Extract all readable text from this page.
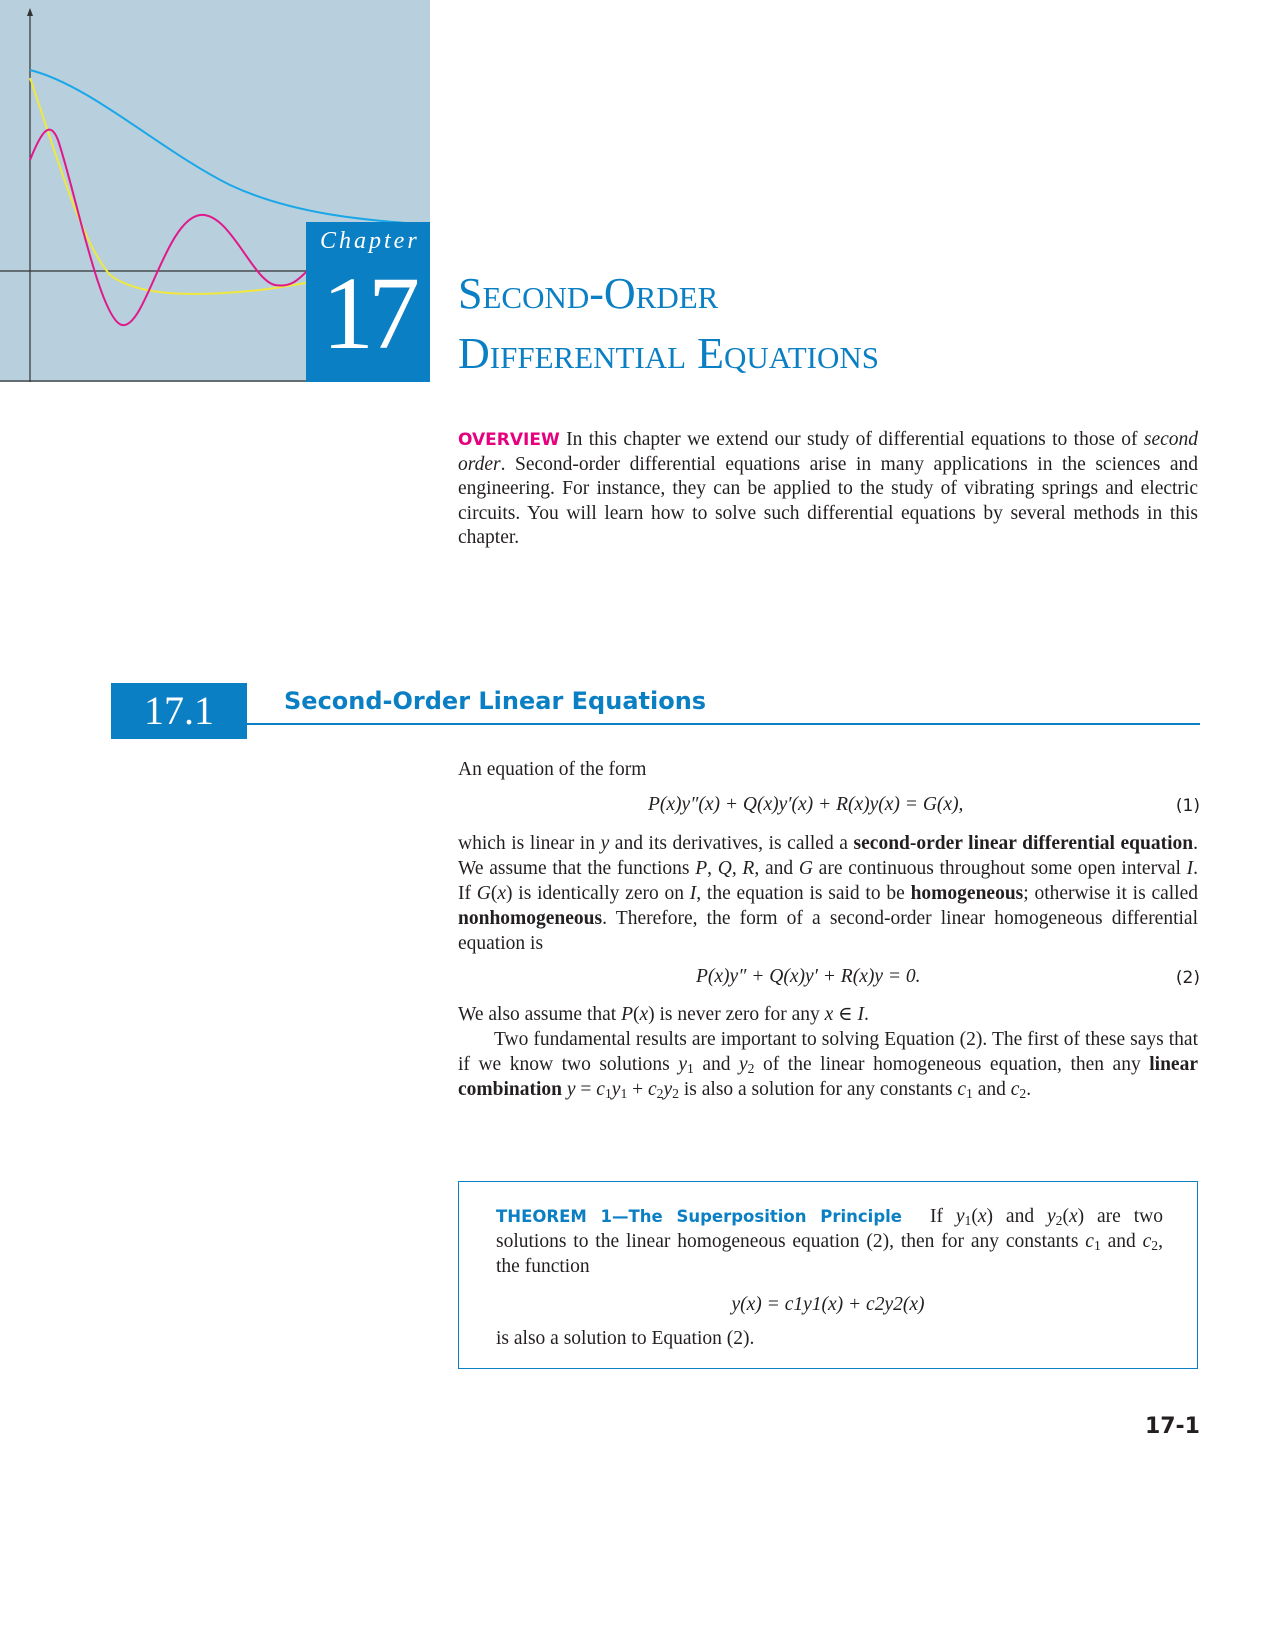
Chapter
17 Second-Order
Differential Equations
OVERVIEW In this chapter we extend our study of differential equations to those of second order. Second-order differential equations arise in many applications in the sciences and engineering. For instance, they can be applied to the study of vibrating springs and electric circuits. You will learn how to solve such differential equations by several methods in this chapter.
17.1	Second-Order Linear Equations
An equation of the form
P(x)y″(x) + Q(x)y′(x) + R(x)y(x) = G(x),	(1)
which is linear in y and its derivatives, is called a second-order linear differential equation. We assume that the functions P, Q, R, and G are continuous throughout some open interval I. If G(x) is identically zero on I, the equation is said to be homogeneous; otherwise it is called nonhomogeneous. Therefore, the form of a second-order linear homogeneous differential equation is
P(x)y″ + Q(x)y′ + R(x)y = 0.	(2)
We also assume that P(x) is never zero for any x ∈ I.
Two fundamental results are important to solving Equation (2). The first of these says that if we know two solutions $y_1$ and $y_2$ of the linear homogeneous equation, then any linear combination $y = c_1y_1 + c_2y_2$ is also a solution for any constants $c_1$ and $c_2$.
THEOREM 1—The Superposition Principle If $y_1(x)$ and $y_2(x)$ are two solutions to the linear homogeneous equation (2), then for any constants $c_1$ and $c_2$, the function
y(x) = c1y1(x) + c2y2(x)
is also a solution to Equation (2).
17-1
